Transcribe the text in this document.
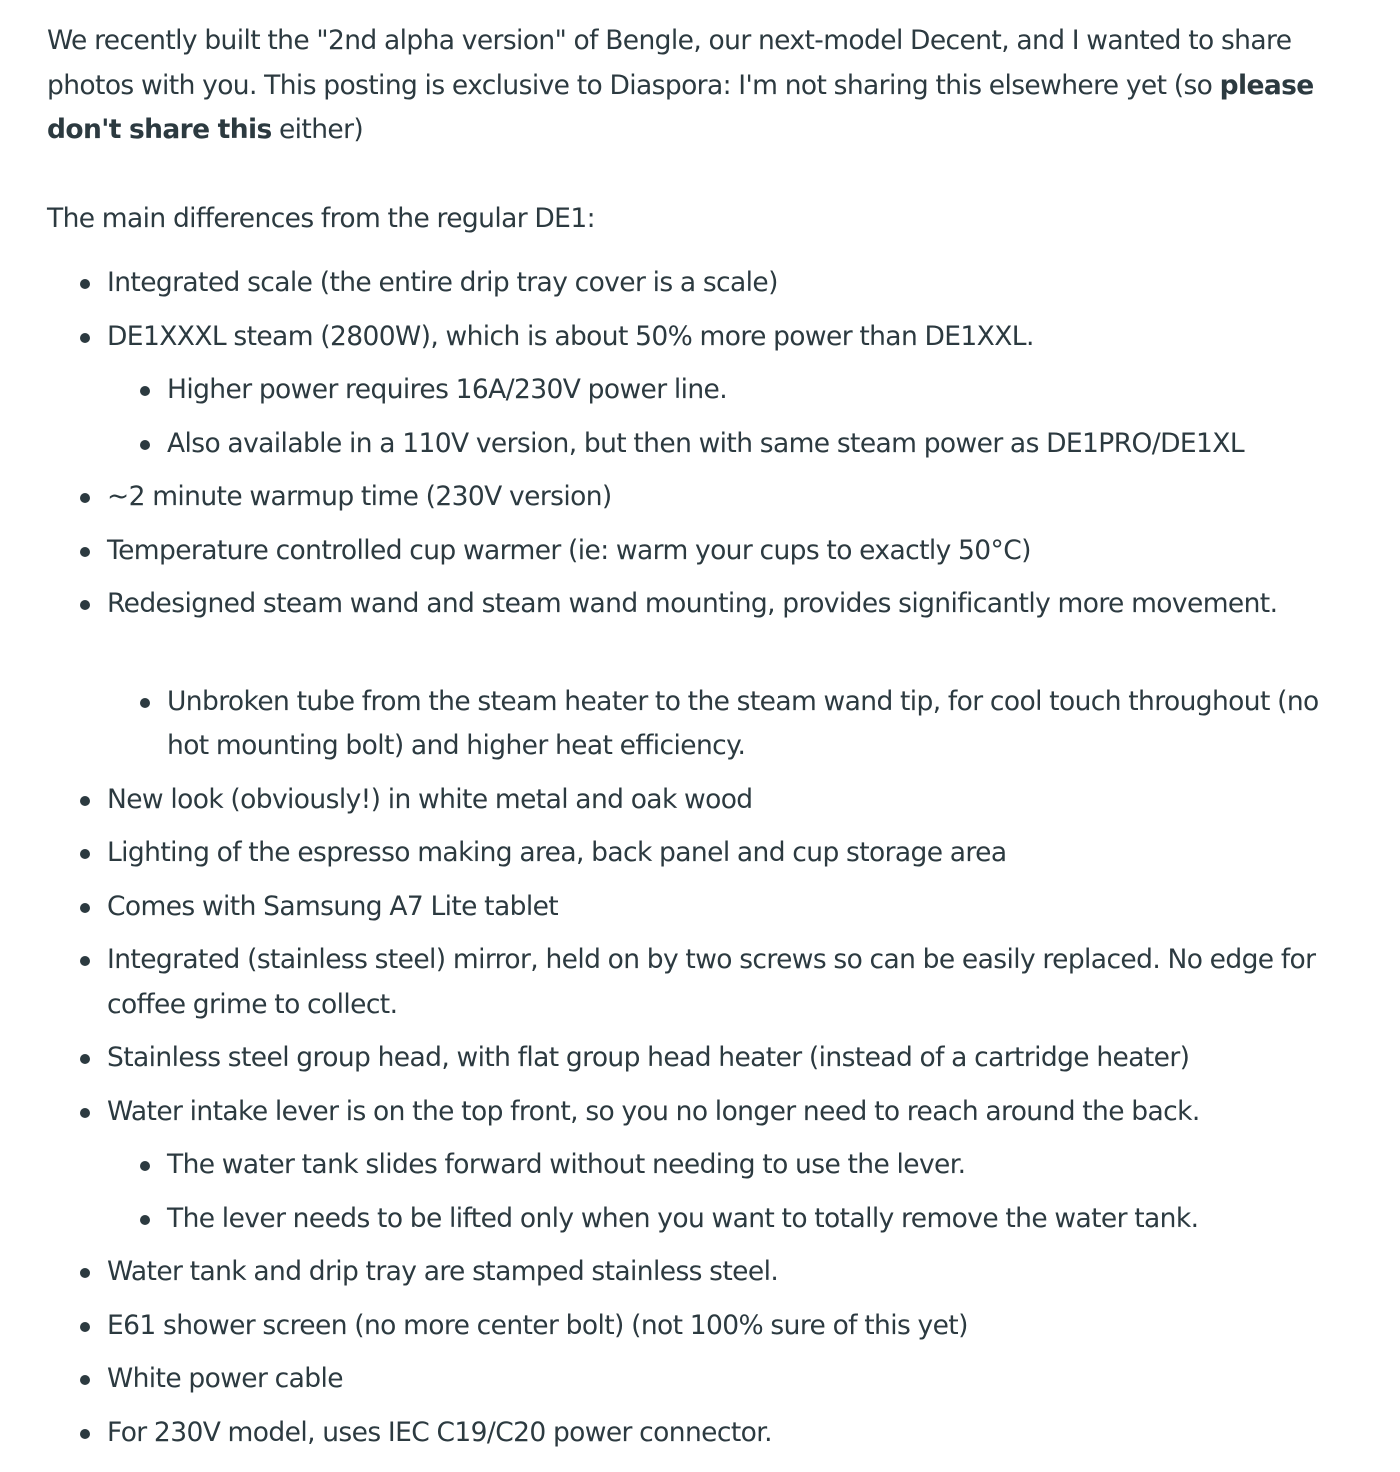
We recently built the "2nd alpha version" of Bengle, our next-model Decent, and I wanted to share photos with you. This posting is exclusive to Diaspora: I'm not sharing this elsewhere yet (so please don't share this either)

The main differences from the regular DE1:

Integrated scale (the entire drip tray cover is a scale)
DE1XXXL steam (2800W), which is about 50% more power than DE1XXL.
Higher power requires 16A/230V power line.
Also available in a 110V version, but then with same steam power as DE1PRO/DE1XL
~2 minute warmup time (230V version)
Temperature controlled cup warmer (ie: warm your cups to exactly 50°C)
Redesigned steam wand and steam wand mounting, provides significantly more movement.
Unbroken tube from the steam heater to the steam wand tip, for cool touch throughout (no hot mounting bolt) and higher heat efficiency.
New look (obviously!) in white metal and oak wood
Lighting of the espresso making area, back panel and cup storage area
Comes with Samsung A7 Lite tablet
Integrated (stainless steel) mirror, held on by two screws so can be easily replaced. No edge for coffee grime to collect.
Stainless steel group head, with flat group head heater (instead of a cartridge heater)
Water intake lever is on the top front, so you no longer need to reach around the back.
The water tank slides forward without needing to use the lever.
The lever needs to be lifted only when you want to totally remove the water tank.
Water tank and drip tray are stamped stainless steel.
E61 shower screen (no more center bolt) (not 100% sure of this yet)
White power cable
For 230V model, uses IEC C19/C20 power connector.
